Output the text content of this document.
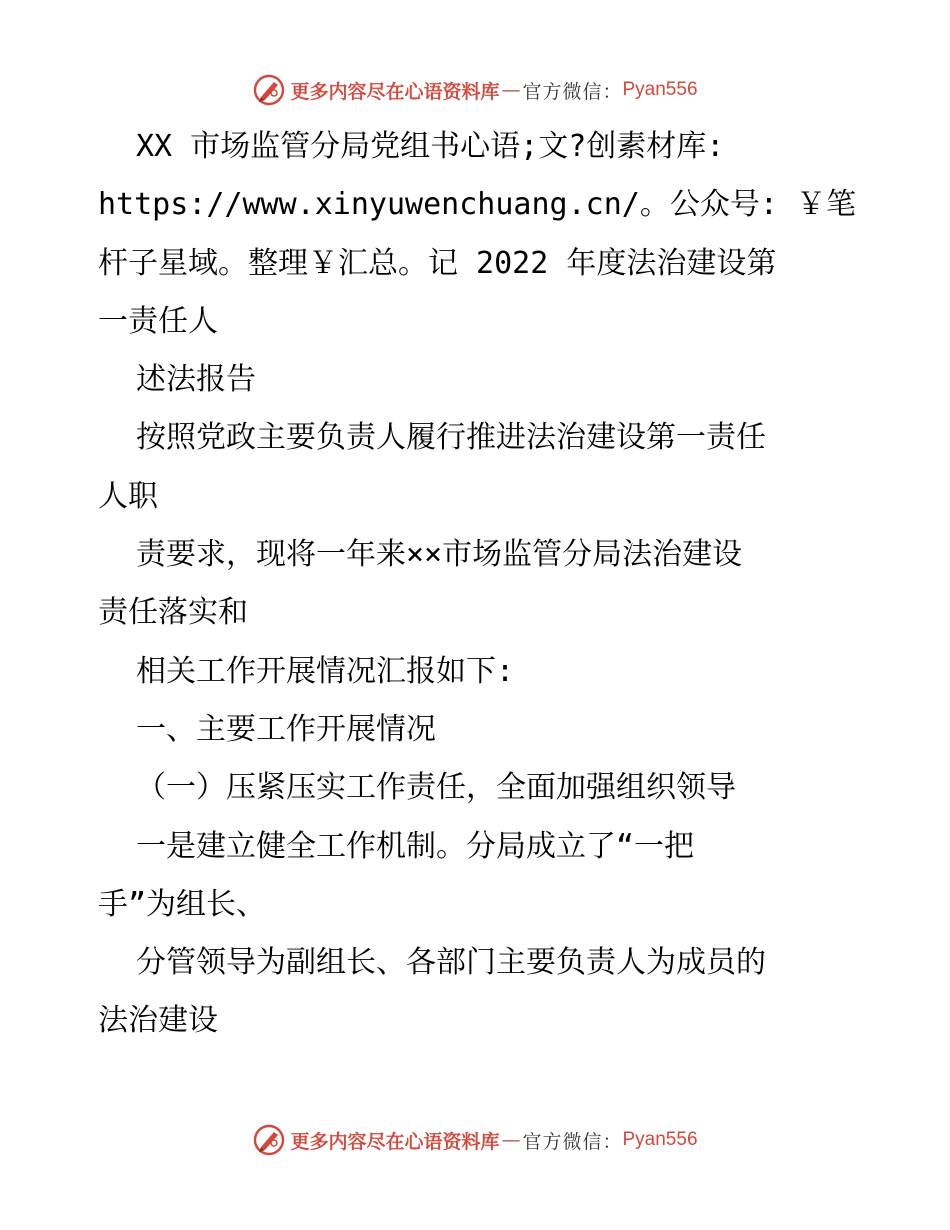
更多内容尽在心语资料库 — 官方微信： Pyan556
XX 市场监管分局党组书心语;文?创素材库:
https://www.xinyuwenchuang.cn/。公众号: ￥笔
杆子星域。整理￥汇总。记 2022 年度法治建设第
一责任人
述法报告
按照党政主要负责人履行推进法治建设第一责任
人职
责要求，现将一年来××市场监管分局法治建设
责任落实和
相关工作开展情况汇报如下:
一、主要工作开展情况
（一）压紧压实工作责任，全面加强组织领导
一是建立健全工作机制。分局成立了“一把
手”为组长、
分管领导为副组长、各部门主要负责人为成员的
法治建设
更多内容尽在心语资料库 — 官方微信： Pyan556
